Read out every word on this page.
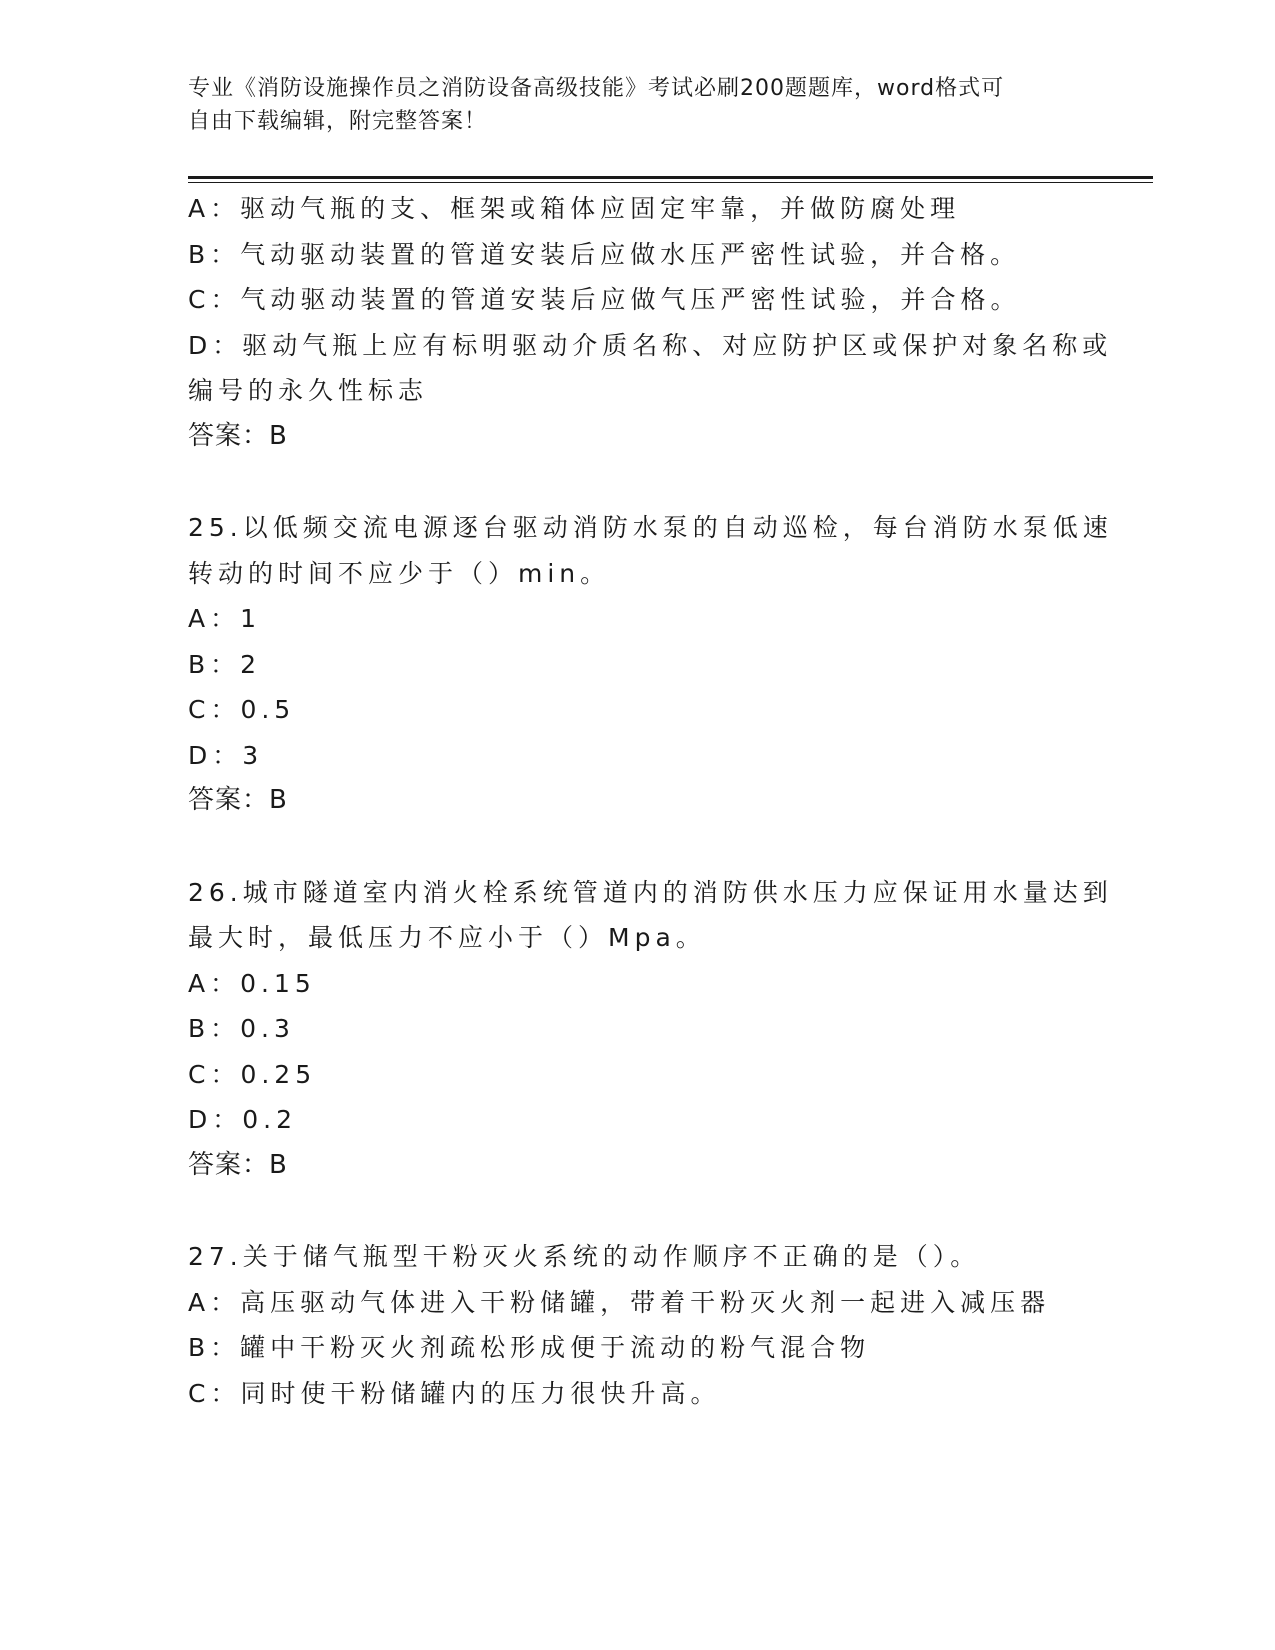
专业《消防设施操作员之消防设备高级技能》考试必刷200题题库，word格式可
自由下载编辑，附完整答案！
A：驱动气瓶的支、框架或箱体应固定牢靠，并做防腐处理
B：气动驱动装置的管道安装后应做水压严密性试验，并合格。
C：气动驱动装置的管道安装后应做气压严密性试验，并合格。
D：驱动气瓶上应有标明驱动介质名称、对应防护区或保护对象名称或
编号的永久性标志
答案：B
25.以低频交流电源逐台驱动消防水泵的自动巡检，每台消防水泵低速
转动的时间不应少于（）min。
A：1
B：2
C：0.5
D：3
答案：B
26.城市隧道室内消火栓系统管道内的消防供水压力应保证用水量达到
最大时，最低压力不应小于（）Mpa。
A：0.15
B：0.3
C：0.25
D：0.2
答案：B
27.关于储气瓶型干粉灭火系统的动作顺序不正确的是（）。
A：高压驱动气体进入干粉储罐，带着干粉灭火剂一起进入减压器
B：罐中干粉灭火剂疏松形成便于流动的粉气混合物
C：同时使干粉储罐内的压力很快升高。
